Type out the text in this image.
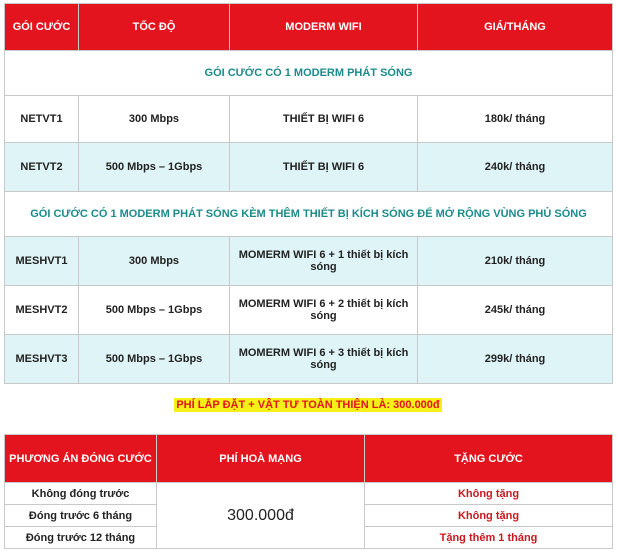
GÓI CƯỚC	TỐC ĐỘ	MODERM WIFI	GIÁ/THÁNG
GÓI CƯỚC CÓ 1 MODERM PHÁT SÓNG			
NETVT1	300 Mbps	THIẾT BỊ WIFI 6	180k/ tháng
NETVT2	500 Mbps – 1Gbps	THIẾT BỊ WIFI 6	240k/ tháng
GÓI CƯỚC CÓ 1 MODERM PHÁT SÓNG KÈM THÊM THIẾT BỊ KÍCH SÓNG ĐỂ MỞ RỘNG VÙNG PHỦ SÓNG			
MESHVT1	300 Mbps	MOMERM WIFI 6 + 1 thiết bị kích sóng	210k/ tháng
MESHVT2	500 Mbps – 1Gbps	MOMERM WIFI 6 + 2 thiết bị kích sóng	245k/ tháng
MESHVT3	500 Mbps – 1Gbps	MOMERM WIFI 6 + 3 thiết bị kích sóng	299k/ tháng
PHÍ LẮP ĐẶT + VẬT TƯ TOÀN THIỆN LÀ: 300.000đ
PHƯƠNG ÁN ĐÓNG CƯỚC	PHÍ HOÀ MẠNG	TẶNG CƯỚC
Không đóng trước	300.000đ	Không tặng
Đóng trước 6 tháng		Không tặng
Đóng trước 12 tháng		Tặng thêm 1 tháng
